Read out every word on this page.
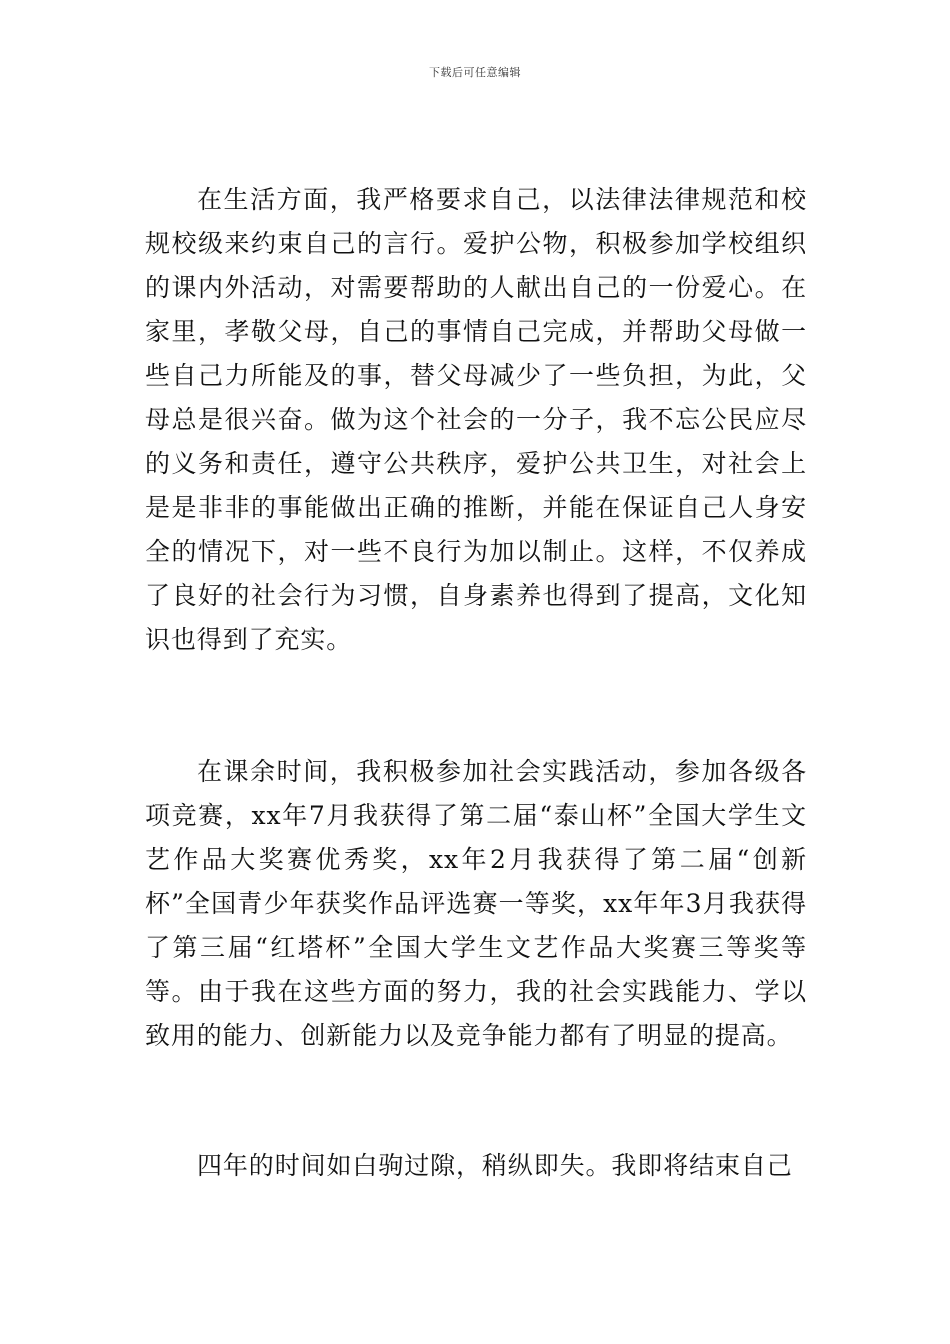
下载后可任意编辑

在生活方面，我严格要求自己，以法律法律规范和校规校级来约束自己的言行。爱护公物，积极参加学校组织的课内外活动，对需要帮助的人献出自己的一份爱心。在家里，孝敬父母，自己的事情自己完成，并帮助父母做一些自己力所能及的事，替父母减少了一些负担，为此，父母总是很兴奋。做为这个社会的一分子，我不忘公民应尽的义务和责任，遵守公共秩序，爱护公共卫生，对社会上是是非非的事能做出正确的推断，并能在保证自己人身安全的情况下，对一些不良行为加以制止。这样，不仅养成了良好的社会行为习惯，自身素养也得到了提高，文化知识也得到了充实。

在课余时间，我积极参加社会实践活动，参加各级各项竞赛，xx年7月我获得了第二届“泰山杯”全国大学生文艺作品大奖赛优秀奖，xx年2月我获得了第二届“创新杯”全国青少年获奖作品评选赛一等奖，xx年年3月我获得了第三届“红塔杯”全国大学生文艺作品大奖赛三等奖等等。由于我在这些方面的努力，我的社会实践能力、学以致用的能力、创新能力以及竞争能力都有了明显的提高。

四年的时间如白驹过隙，稍纵即失。我即将结束自己
